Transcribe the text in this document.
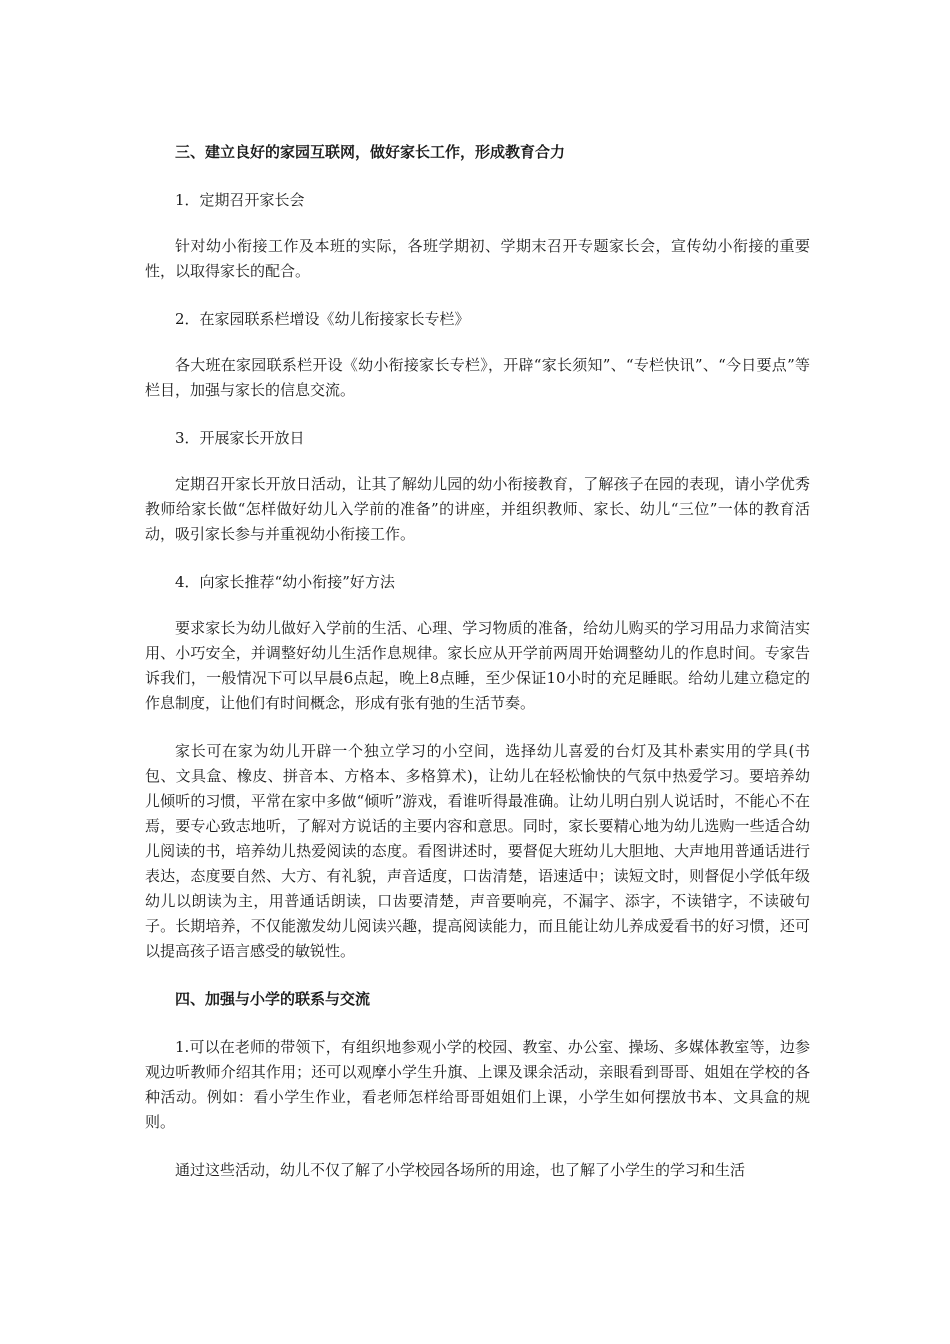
三、建立良好的家园互联网，做好家长工作，形成教育合力

1．定期召开家长会

针对幼小衔接工作及本班的实际，各班学期初、学期末召开专题家长会，宣传幼小衔接的重要性，以取得家长的配合。

2．在家园联系栏增设《幼儿衔接家长专栏》

各大班在家园联系栏开设《幼小衔接家长专栏》，开辟“家长须知”、“专栏快讯”、“今日要点”等栏目，加强与家长的信息交流。

3．开展家长开放日

定期召开家长开放日活动，让其了解幼儿园的幼小衔接教育，了解孩子在园的表现，请小学优秀教师给家长做“怎样做好幼儿入学前的准备”的讲座，并组织教师、家长、幼儿“三位”一体的教育活动，吸引家长参与并重视幼小衔接工作。

4．向家长推荐“幼小衔接”好方法

要求家长为幼儿做好入学前的生活、心理、学习物质的准备，给幼儿购买的学习用品力求简洁实用、小巧安全，并调整好幼儿生活作息规律。家长应从开学前两周开始调整幼儿的作息时间。专家告诉我们，一般情况下可以早晨6点起，晚上8点睡，至少保证10小时的充足睡眠。给幼儿建立稳定的作息制度，让他们有时间概念，形成有张有弛的生活节奏。

家长可在家为幼儿开辟一个独立学习的小空间，选择幼儿喜爱的台灯及其朴素实用的学具(书包、文具盒、橡皮、拼音本、方格本、多格算术)，让幼儿在轻松愉快的气氛中热爱学习。要培养幼儿倾听的习惯，平常在家中多做“倾听”游戏，看谁听得最准确。让幼儿明白别人说话时，不能心不在焉，要专心致志地听，了解对方说话的主要内容和意思。同时，家长要精心地为幼儿选购一些适合幼儿阅读的书，培养幼儿热爱阅读的态度。看图讲述时，要督促大班幼儿大胆地、大声地用普通话进行表达，态度要自然、大方、有礼貌，声音适度，口齿清楚，语速适中；读短文时，则督促小学低年级幼儿以朗读为主，用普通话朗读，口齿要清楚，声音要响亮，不漏字、添字，不读错字，不读破句子。长期培养，不仅能激发幼儿阅读兴趣，提高阅读能力，而且能让幼儿养成爱看书的好习惯，还可以提高孩子语言感受的敏锐性。

四、加强与小学的联系与交流

1.可以在老师的带领下，有组织地参观小学的校园、教室、办公室、操场、多媒体教室等，边参观边听教师介绍其作用；还可以观摩小学生升旗、上课及课余活动，亲眼看到哥哥、姐姐在学校的各种活动。例如：看小学生作业，看老师怎样给哥哥姐姐们上课，小学生如何摆放书本、文具盒的规则。

通过这些活动，幼儿不仅了解了小学校园各场所的用途，也了解了小学生的学习和生活
